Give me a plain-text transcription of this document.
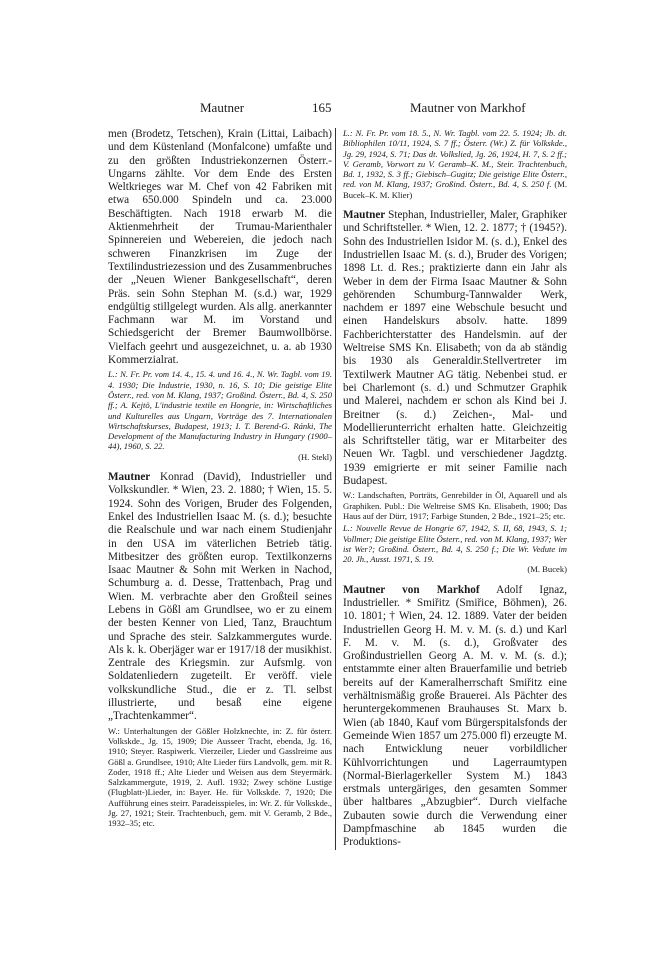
Mautner	165	Mautner von Markhof

men (Brodetz, Tetschen), Krain (Littai, Laibach) und dem Küstenland (Monfalcone) umfaßte und zu den größten Industriekonzernen Österr.-Ungarns zählte. Vor dem Ende des Ersten Weltkrieges war M. Chef von 42 Fabriken mit etwa 650.000 Spindeln und ca. 23.000 Beschäftigten. Nach 1918 erwarb M. die Aktienmehrheit der Trumau-Marienthaler Spinnereien und Webereien, die jedoch nach schweren Finanzkrisen im Zuge der Textilindustriezession und des Zusammenbruches der „Neuen Wiener Bankgesellschaft“, deren Präs. sein Sohn Stephan M. (s.d.) war, 1929 endgültig stillgelegt wurden. Als allg. anerkannter Fachmann war M. im Vorstand und Schiedsgericht der Bremer Baumwollbörse. Vielfach geehrt und ausgezeichnet, u. a. ab 1930 Kommerzialrat.

L.: N. Fr. Pr. vom 14. 4., 15. 4. und 16. 4., N. Wr. Tagbl. vom 19. 4. 1930; Die Industrie, 1930, n. 16, S. 10; Die geistige Elite Österr., red. von M. Klang, 1937; Großind. Österr., Bd. 4, S. 250 ff.; A. Kejtö, L'industrie textile en Hongrie, in: Wirtschaftliches und Kulturelles aus Ungarn, Vorträge des 7. Internationalen Wirtschaftskurses, Budapest, 1913; I. T. Berend-G. Ránki, The Development of the Manufacturing Industry in Hungary (1900–44), 1960, S. 22.
(H. Stekl)

Mautner Konrad (David), Industrieller und Volkskundler. * Wien, 23. 2. 1880; † Wien, 15. 5. 1924. Sohn des Vorigen, Bruder des Folgenden, Enkel des Industriellen Isaac M. (s. d.); besuchte die Realschule und war nach einem Studienjahr in den USA im väterlichen Betrieb tätig. Mitbesitzer des größten europ. Textilkonzerns Isaac Mautner & Sohn mit Werken in Nachod, Schumburg a. d. Desse, Trattenbach, Prag und Wien. M. verbrachte aber den Großteil seines Lebens in Gößl am Grundlsee, wo er zu einem der besten Kenner von Lied, Tanz, Brauchtum und Sprache des steir. Salzkammergutes wurde. Als k. k. Oberjäger war er 1917/18 der musikhist. Zentrale des Kriegsmin. zur Aufsmlg. von Soldatenliedern zugeteilt. Er veröff. viele volkskundliche Stud., die er z. Tl. selbst illustrierte, und besaß eine eigene „Trachtenkammer“.

W.: Unterhaltungen der Gößler Holzknechte, in: Z. für österr. Volkskde., Jg. 15, 1909; Die Ausseer Tracht, ebenda, Jg. 16, 1910; Steyer. Raspiwerk. Vierzeiler, Lieder und Gasslreime aus Gößl a. Grundlsee, 1910; Alte Lieder fürs Landvolk, gem. mit R. Zoder, 1918 ff.; Alte Lieder und Weisen aus dem Steyermärk. Salzkammergute, 1919, 2. Aufl. 1932; Zwey schöne Lustige (Flugblatt-)Lieder, in: Bayer. He. für Volkskde. 7, 1920; Die Aufführung eines steirr. Paradeisspieles, in: Wr. Z. für Volkskde., Jg. 27, 1921; Steir. Trachtenbuch, gem. mit V. Geramb, 2 Bde., 1932–35; etc.

L.: N. Fr. Pr. vom 18. 5., N. Wr. Tagbl. vom 22. 5. 1924; Jb. dt. Bibliophilen 10/11, 1924, S. 7 ff.; Österr. (Wr.) Z. für Volkskde., Jg. 29, 1924, S. 71; Das dt. Volkslied, Jg. 26, 1924, H. 7, S. 2 ff.; V. Geramb, Vorwort zu V. Geramb–K. M., Steir. Trachtenbuch, Bd. 1, 1932, S. 3 ff.; Giebisch–Gugitz; Die geistige Elite Österr., red. von M. Klang, 1937; Großind. Österr., Bd. 4, S. 250 f. (M. Bucek–K. M. Klier)

Mautner Stephan, Industrieller, Maler, Graphiker und Schriftsteller. * Wien, 12. 2. 1877; † (1945?). Sohn des Industriellen Isidor M. (s. d.), Enkel des Industriellen Isaac M. (s. d.), Bruder des Vorigen; 1898 Lt. d. Res.; praktizierte dann ein Jahr als Weber in dem der Firma Isaac Mautner & Sohn gehörenden Schumburg-Tannwalder Werk, nachdem er 1897 eine Webschule besucht und einen Handelskurs absolv. hatte. 1899 Fachberichterstatter des Handelsmin. auf der Weltreise SMS Kn. Elisabeth; von da ab ständig bis 1930 als Generaldir.Stellvertreter im Textilwerk Mautner AG tätig. Nebenbei stud. er bei Charlemont (s. d.) und Schmutzer Graphik und Malerei, nachdem er schon als Kind bei J. Breitner (s. d.) Zeichen-, Mal- und Modellierunterricht erhalten hatte. Gleichzeitig als Schriftsteller tätig, war er Mitarbeiter des Neuen Wr. Tagbl. und verschiedener Jagdztg. 1939 emigrierte er mit seiner Familie nach Budapest.

W.: Landschaften, Porträts, Genrebilder in Öl, Aquarell und als Graphiken. Publ.: Die Weltreise SMS Kn. Elisabeth, 1900; Das Haus auf der Dürr, 1917; Farbige Stunden, 2 Bde., 1921–25; etc.

L.: Nouvelle Revue de Hongrie 67, 1942, S. II, 68, 1943, S. 1; Vollmer; Die geistige Elite Österr., red. von M. Klang, 1937; Wer ist Wer?; Großind. Österr., Bd. 4, S. 250 f.; Die Wr. Vedute im 20. Jh., Ausst. 1971, S. 19.
(M. Bucek)

Mautner von Markhof Adolf Ignaz, Industrieller. * Smiřitz (Smiřice, Böhmen), 26. 10. 1801; † Wien, 24. 12. 1889. Vater der beiden Industriellen Georg H. M. v. M. (s. d.) und Karl F. M. v. M. (s. d.), Großvater des Großindustriellen Georg A. M. v. M. (s. d.); entstammte einer alten Brauerfamilie und betrieb bereits auf der Kameralherrschaft Smiřitz eine verhältnismäßig große Brauerei. Als Pächter des heruntergekommenen Brauhauses St. Marx b. Wien (ab 1840, Kauf vom Bürgerspitalsfonds der Gemeinde Wien 1857 um 275.000 fl) erzeugte M. nach Entwicklung neuer vorbildlicher Kühlvorrichtungen und Lagerraumtypen (Normal-Bierlagerkeller System M.) 1843 erstmals untergäriges, den gesamten Sommer über haltbares „Abzugbier“. Durch vielfache Zubauten sowie durch die Verwendung einer Dampfmaschine ab 1845 wurden die Produktions-
